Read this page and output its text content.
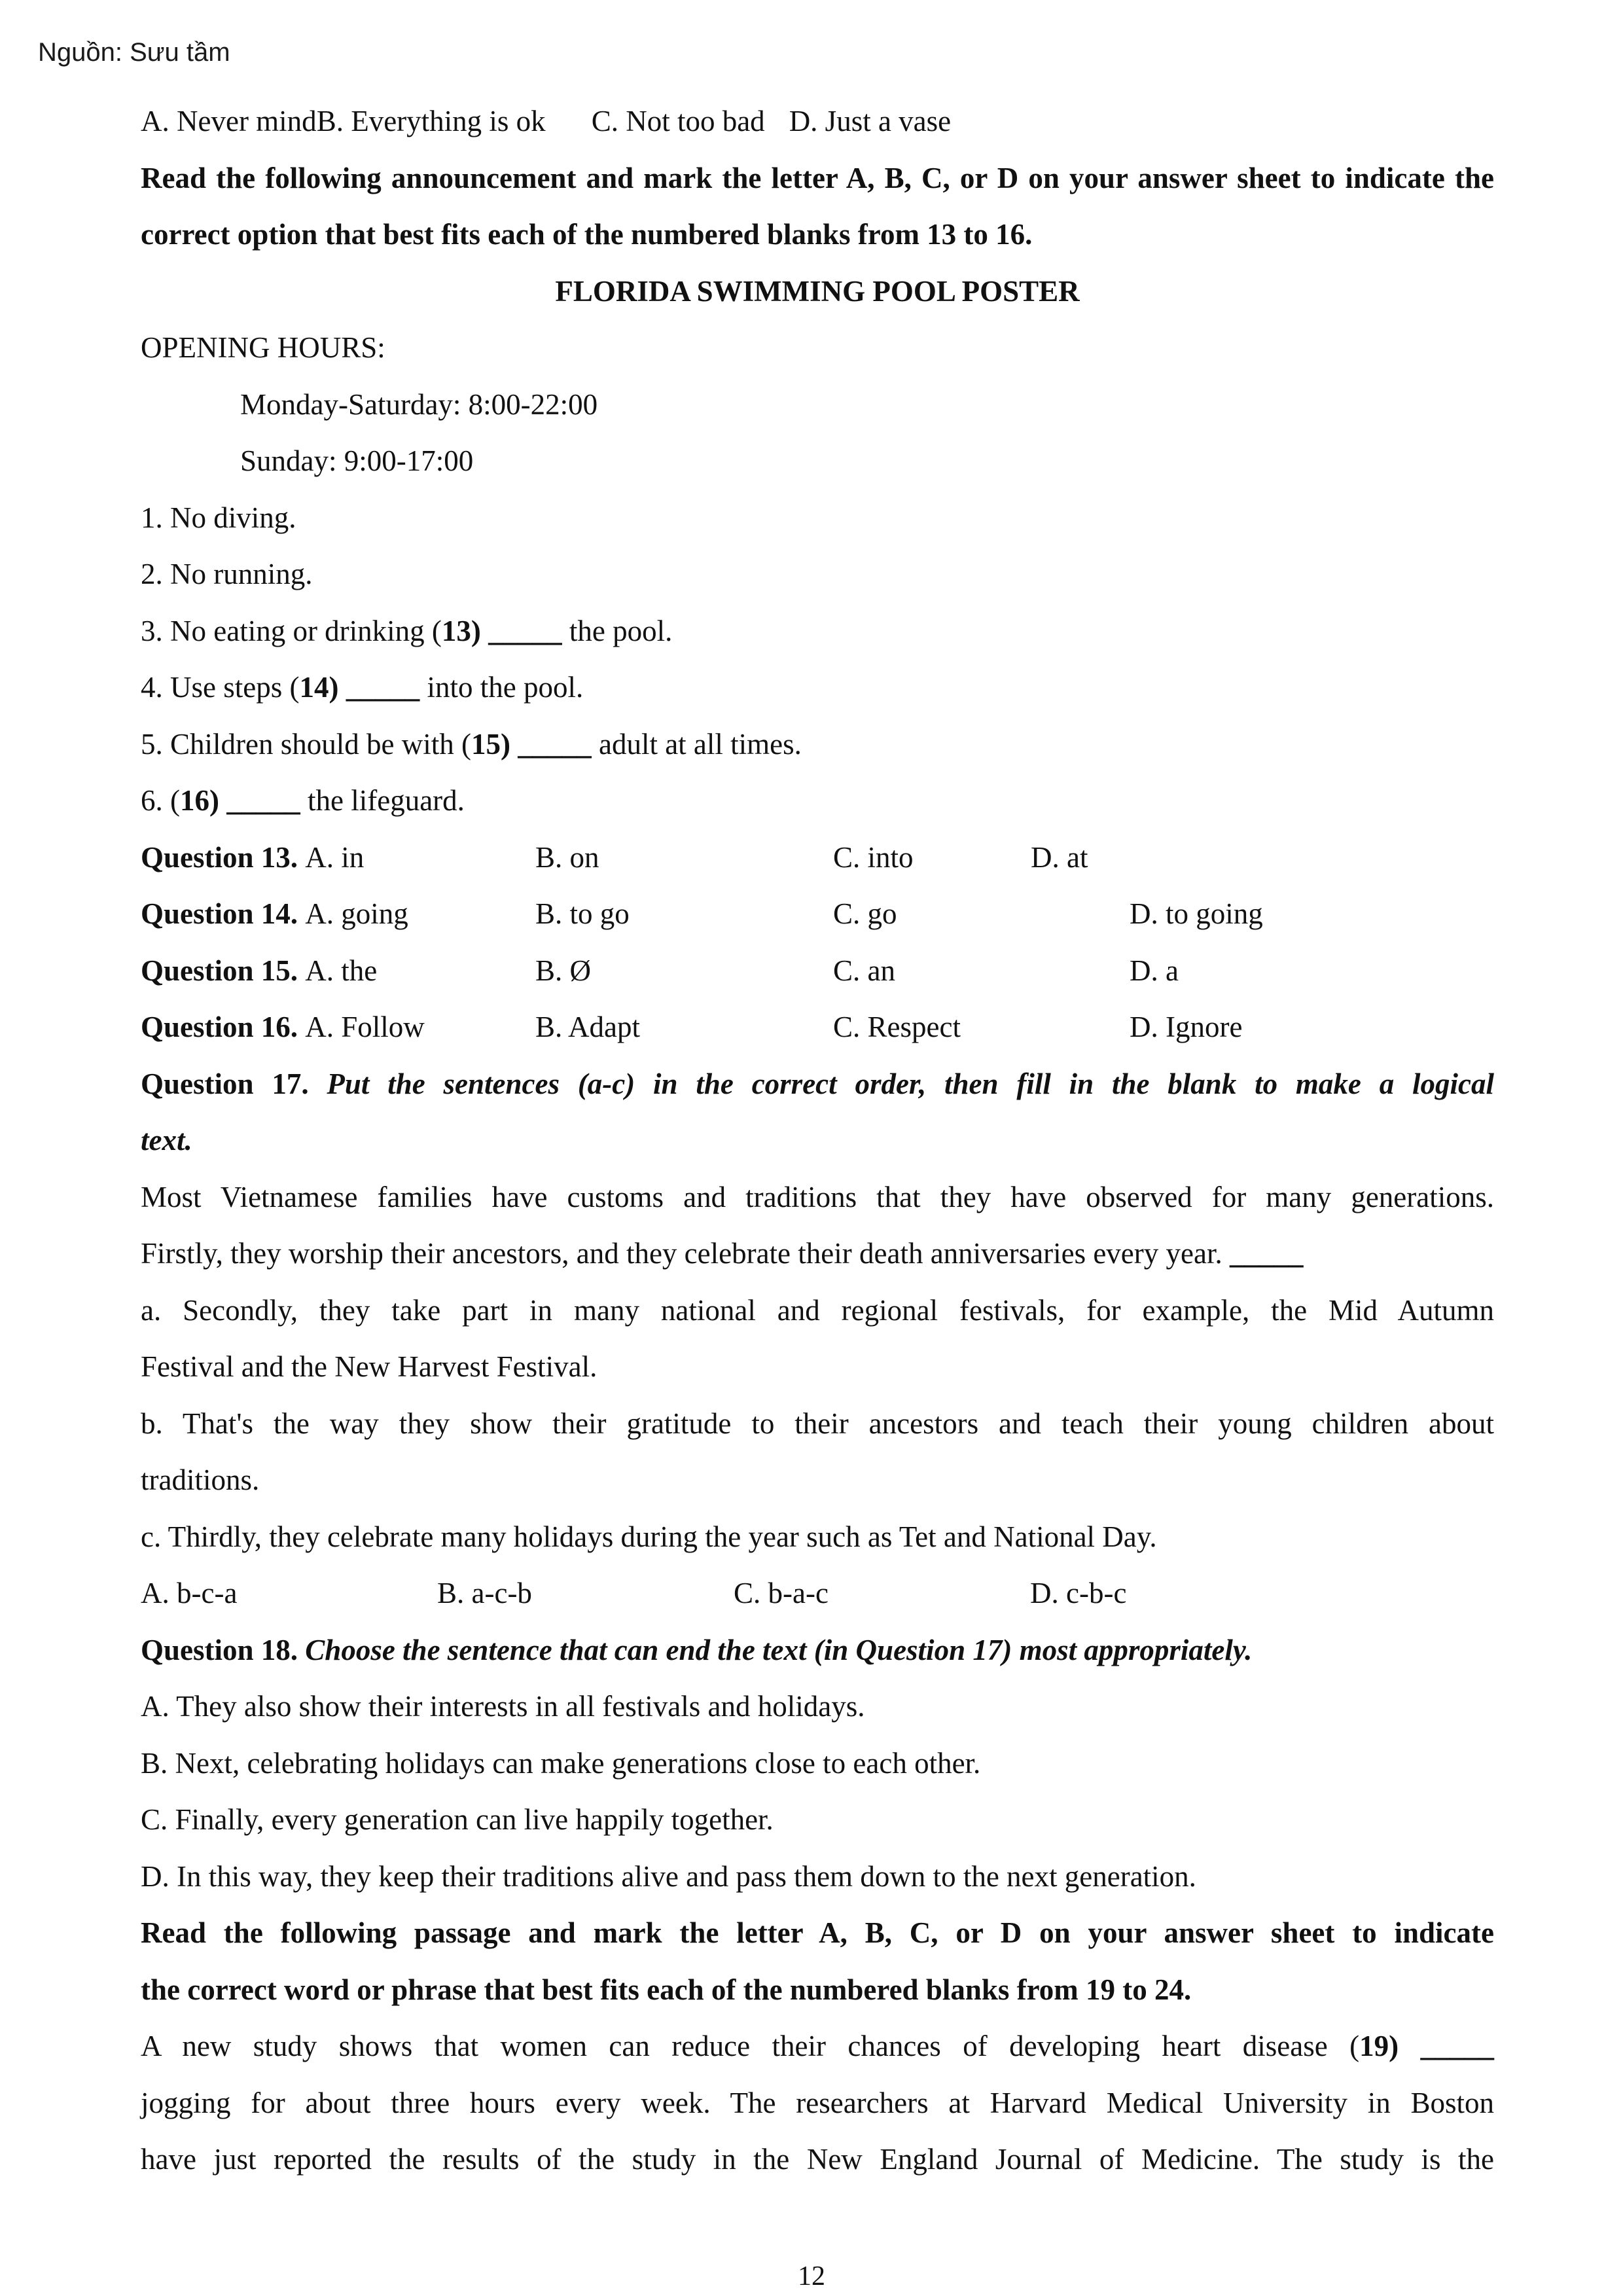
Nguồn: Sưu tầm
A. Never mind B. Everything is ok	C. Not too bad D. Just a vase
Read the following announcement and mark the letter A, B, C, or D on your answer sheet to indicate the correct option that best fits each of the numbered blanks from 13 to 16.
FLORIDA SWIMMING POOL POSTER
OPENING HOURS:
Monday-Saturday: 8:00-22:00
Sunday: 9:00-17:00
1. No diving.
2. No running.
3. No eating or drinking (13) _____ the pool.
4. Use steps (14) _____ into the pool.
5. Children should be with (15) _____ adult at all times.
6. (16) _____ the lifeguard.
Question 13. A. in	B. on	C. into	D. at
Question 14. A. going	B. to go	C. go	D. to going
Question 15. A. the	B. Ø	C. an	D. a
Question 16. A. Follow	B. Adapt	C. Respect	D. Ignore
Question 17. Put the sentences (a-c) in the correct order, then fill in the blank to make a logical
text.
Most Vietnamese families have customs and traditions that they have observed for many generations.
Firstly, they worship their ancestors, and they celebrate their death anniversaries every year. _____
a. Secondly, they take part in many national and regional festivals, for example, the Mid Autumn
Festival and the New Harvest Festival.
b. That's the way they show their gratitude to their ancestors and teach their young children about
traditions.
c. Thirdly, they celebrate many holidays during the year such as Tet and National Day.
A. b-c-a	B. a-c-b	C. b-a-c	D. c-b-c
Question 18. Choose the sentence that can end the text (in Question 17) most appropriately.
A. They also show their interests in all festivals and holidays.
B. Next, celebrating holidays can make generations close to each other.
C. Finally, every generation can live happily together.
D. In this way, they keep their traditions alive and pass them down to the next generation.
Read the following passage and mark the letter A, B, C, or D on your answer sheet to indicate
the correct word or phrase that best fits each of the numbered blanks from 19 to 24.
A new study shows that women can reduce their chances of developing heart disease (19) _____
jogging for about three hours every week. The researchers at Harvard Medical University in Boston
have just reported the results of the study in the New England Journal of Medicine. The study is the
12
